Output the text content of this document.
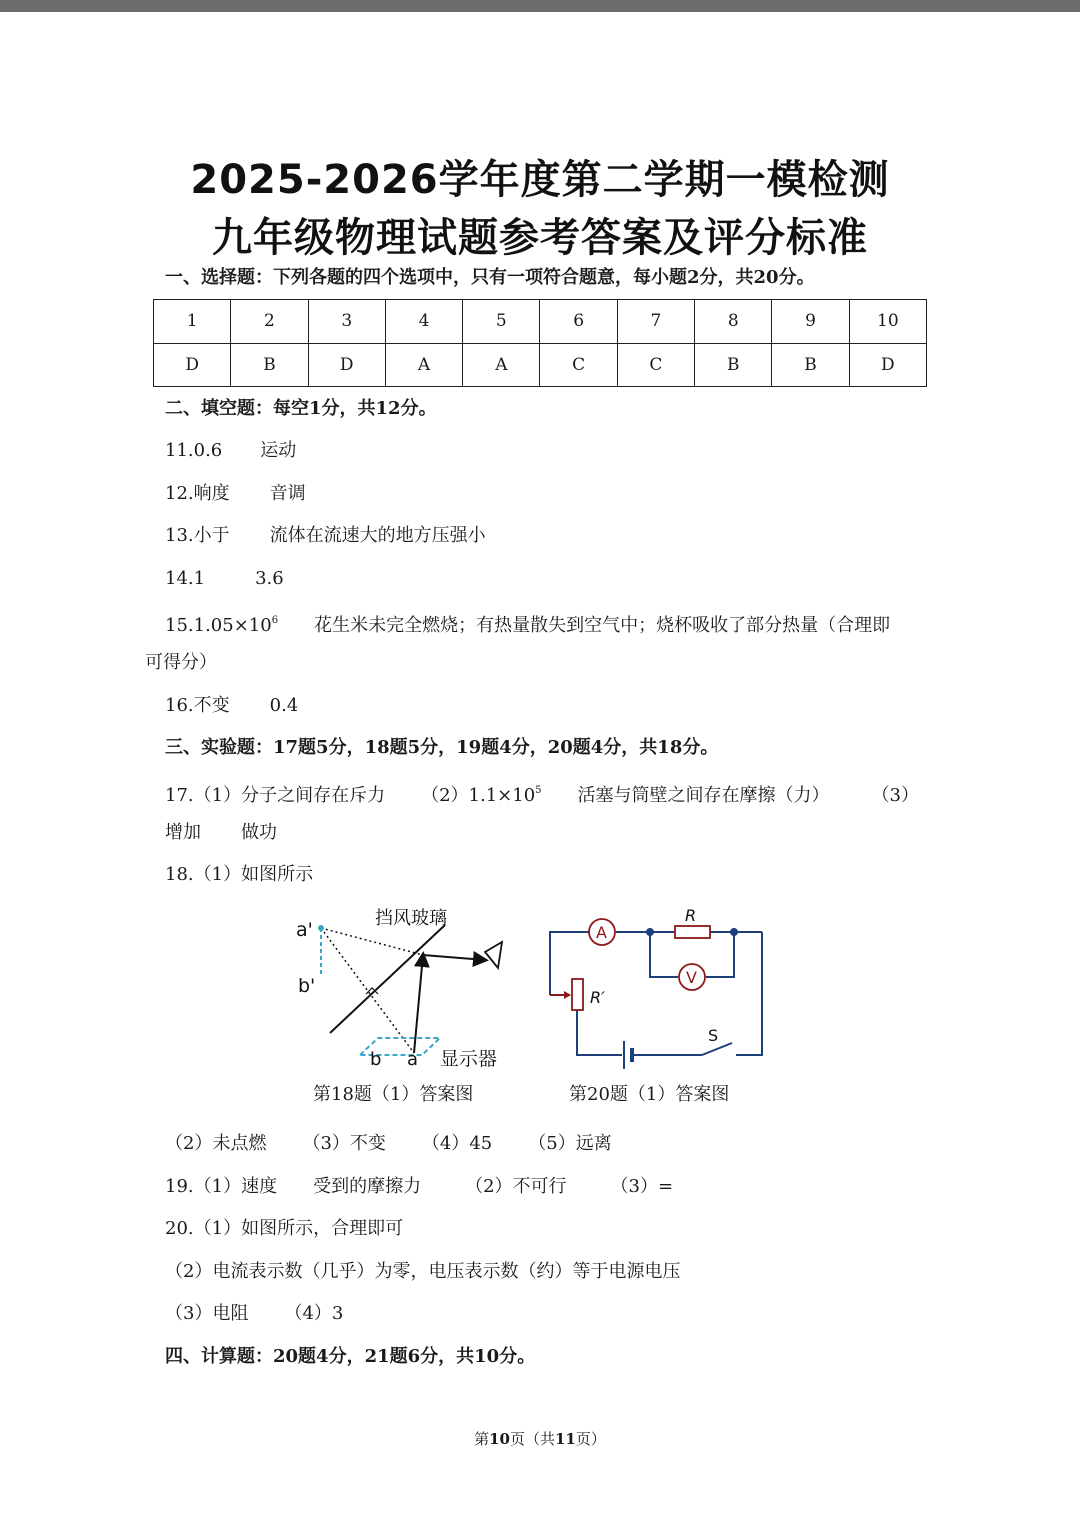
2025-2026学年度第二学期一模检测
九年级物理试题参考答案及评分标准
一、选择题：下列各题的四个选项中，只有一项符合题意，每小题2分，共20分。
1	2	3	4	5	6	7	8	9	10
D	B	D	A	A	C	C	B	B	D
二、填空题：每空1分，共12分。
11.0.6 运动
12.响度 音调
13.小于 流体在流速大的地方压强小
14.1	3.6
$15.1.05\times 10^6$ 花生米未完全燃烧；有热量散失到空气中；烧杯吸收了部分热量（合理即
可得分）
16.不变 0.4
三、实验题：17题5分，18题5分，19题4分，20题4分，共18分。
17.（1）分子之间存在斥力 $(2)1.1\times 10^5$ 活塞与筒壁之间存在摩擦（力） （3）
增加 做功
18.（1）如图所示
挡风玻璃
a'
b'
b a 显示器
第18题（1）答案图
A
R
V
R′
S
第20题（1）答案图
（2）未点燃 （3）不变 （4）45 （5）远离
19.（1）速度 受到的摩擦力 （2）不可行 （3）=
20.（1）如图所示，合理即可
（2）电流表示数（几乎）为零，电压表示数（约）等于电源电压
（3）电阻 （4）3
四、计算题：20题4分，21题6分，共10分。
第10页（共11页）
